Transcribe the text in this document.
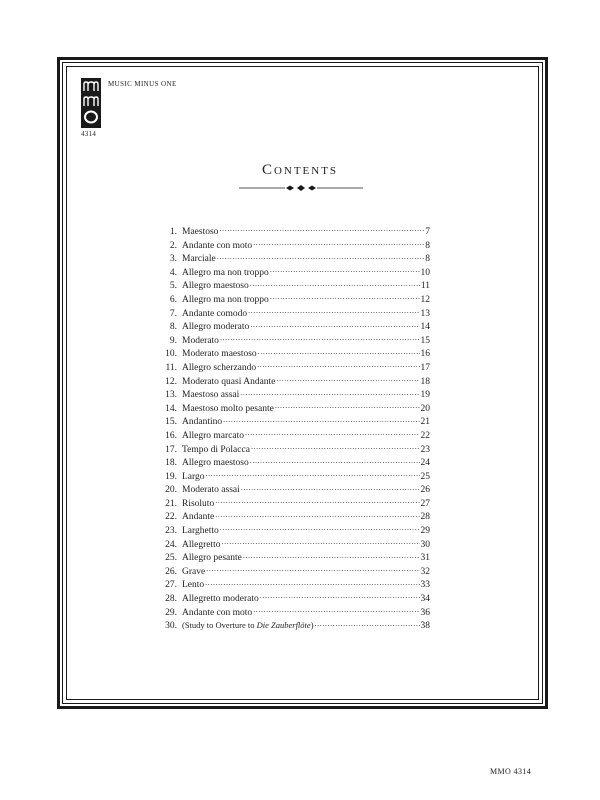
4314
MUSIC MINUS ONE
Contents
1. Maestoso .....	7
2. Andante con moto .....	8
3. Marciale .....	8
4. Allegro ma non troppo .....	10
5. Allegro maestoso .....	11
6. Allegro ma non troppo .....	12
7. Andante comodo .....	13
8. Allegro moderato .....	14
9. Moderato .....	15
10. Moderato maestoso .....	16
11. Allegro scherzando .....	17
12. Moderato quasi Andante .....	18
13. Maestoso assai .....	19
14. Maestoso molto pesante .....	20
15. Andantino .....	21
16. Allegro marcato .....	22
17. Tempo di Polacca .....	23
18. Allegro maestoso .....	24
19. Largo .....	25
20. Moderato assai .....	26
21. Risoluto .....	27
22. Andante .....	28
23. Larghetto .....	29
24. Allegretto .....	30
25. Allegro pesante .....	31
26. Grave .....	32
27. Lento .....	33
28. Allegretto moderato .....	34
29. Andante con moto .....	36
30. (Study to Overture to Die Zauberflöte) .....	38
MMO 4314
